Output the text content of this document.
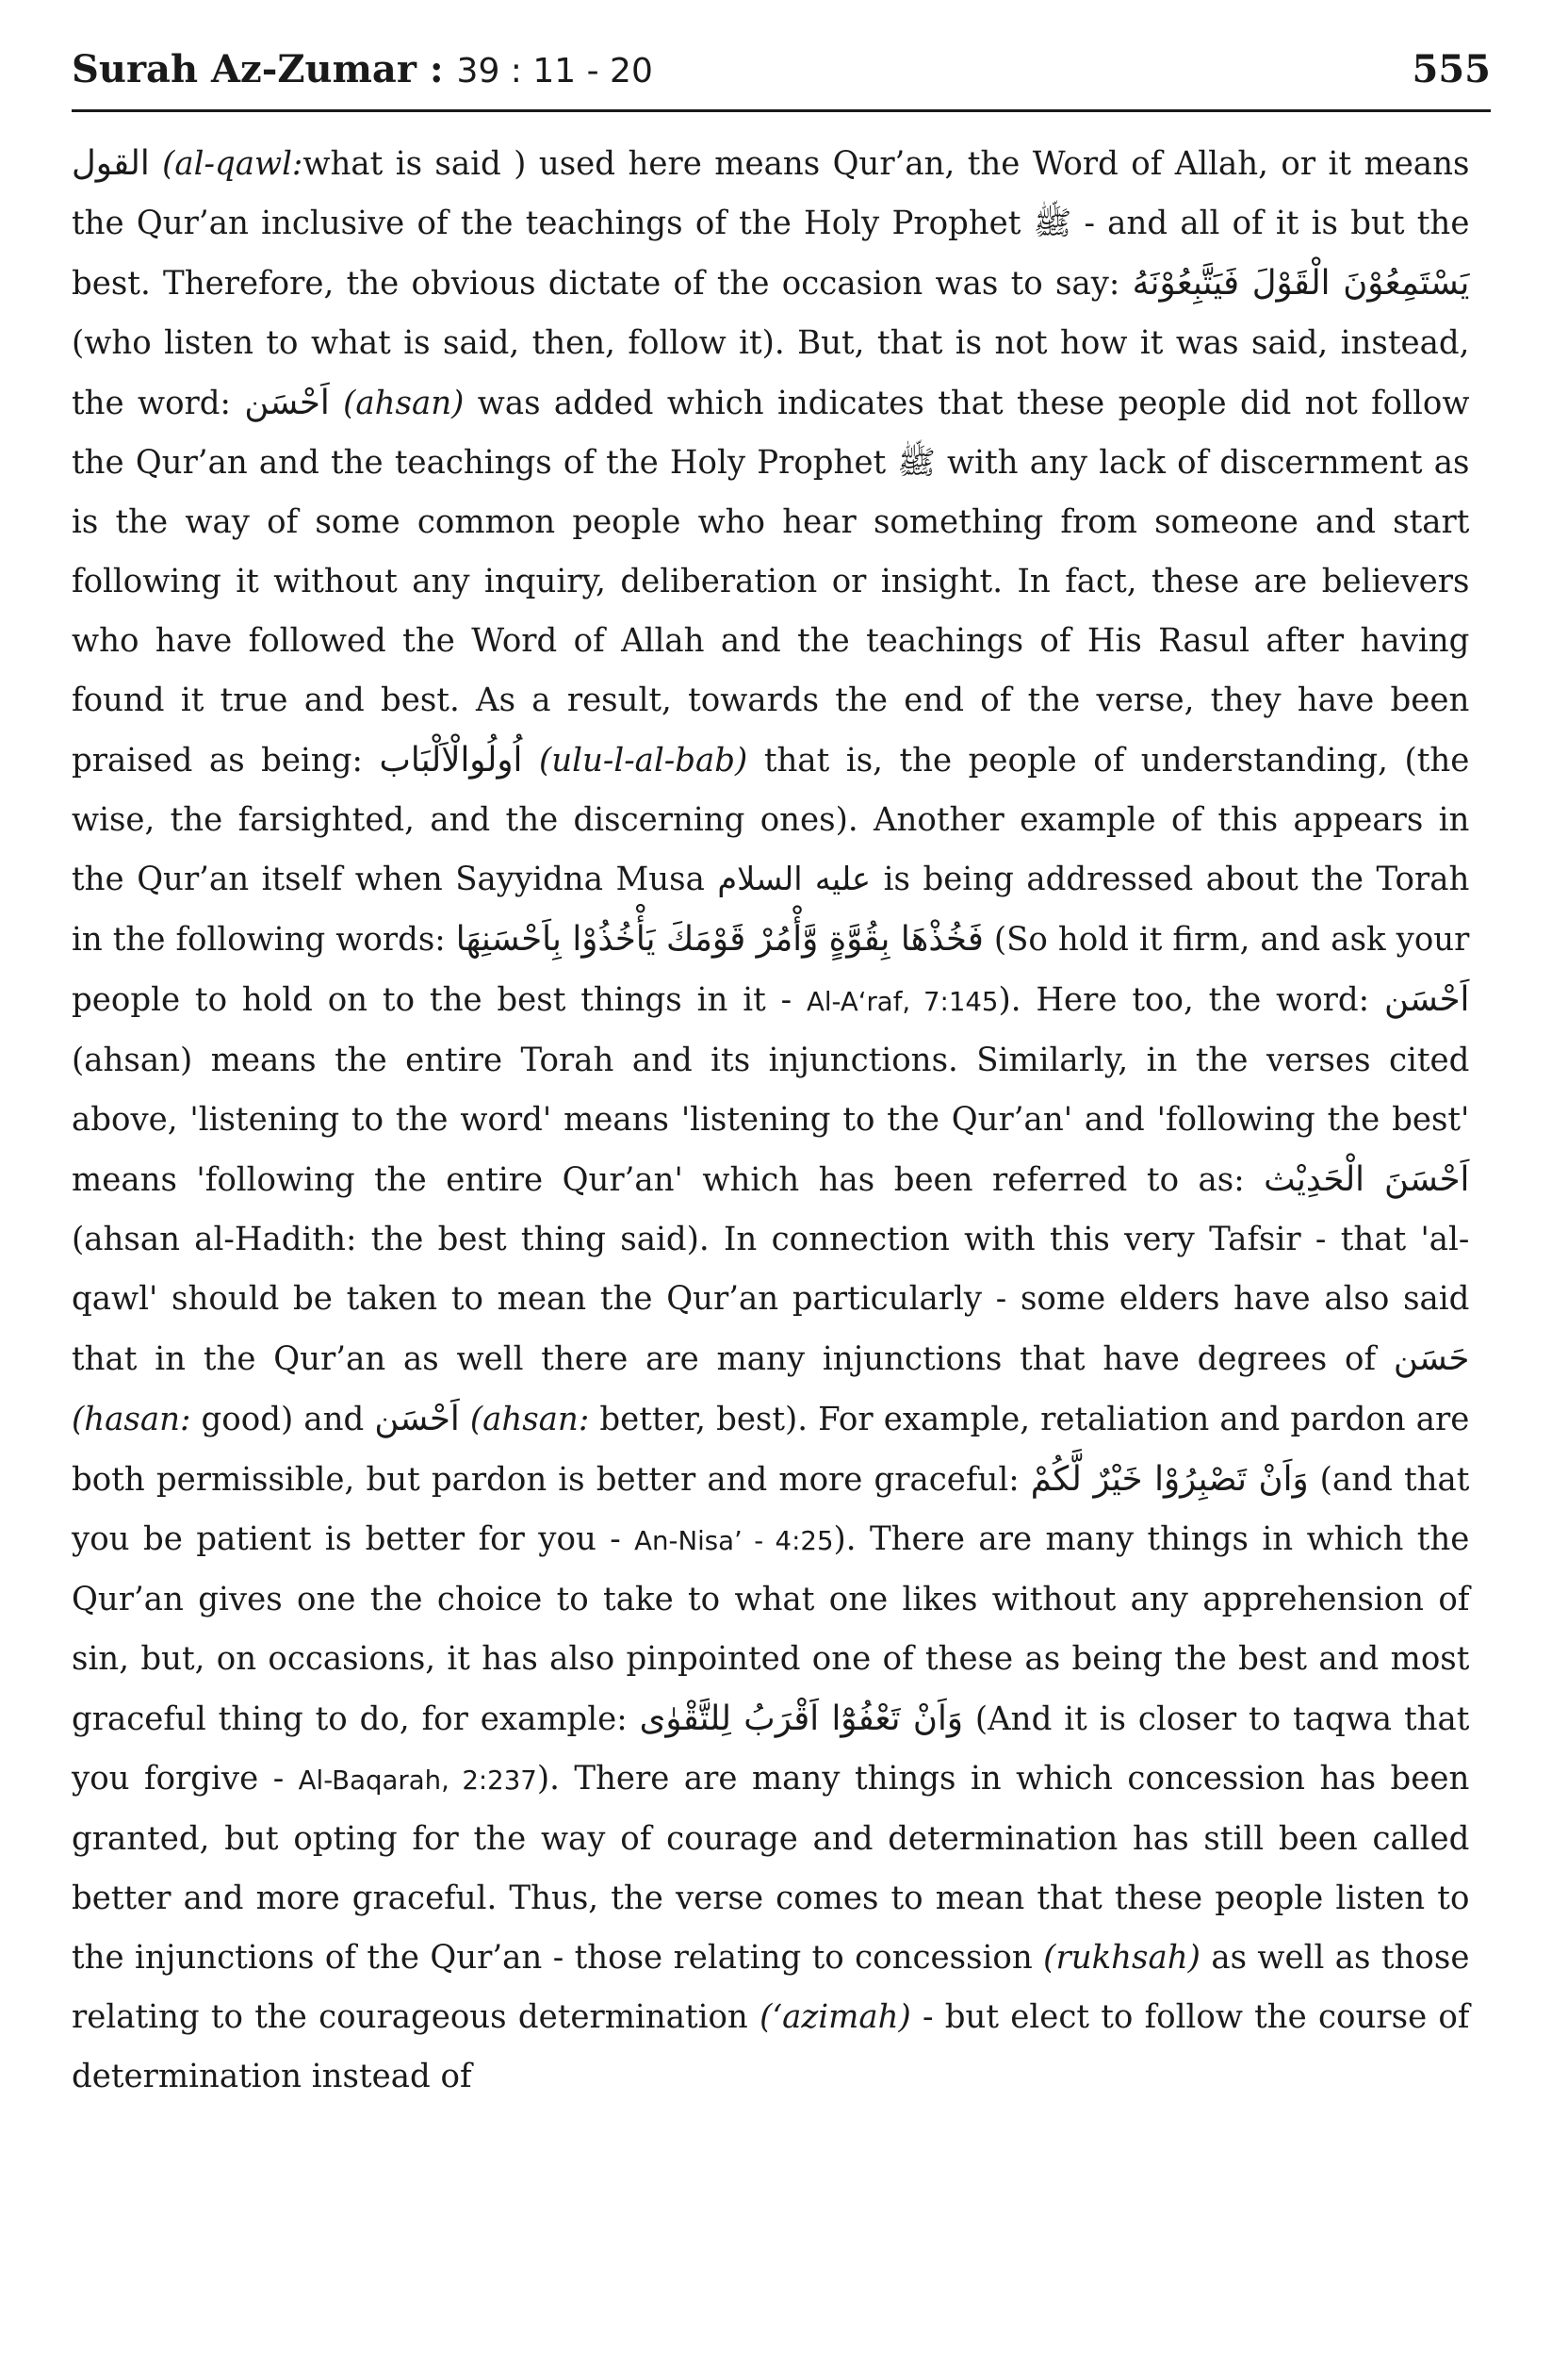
Surah Az-Zumar : 39 : 11 - 20	555
القول (al-qawl:what is said ) used here means Qur’an, the Word of Allah, or it means the Qur’an inclusive of the teachings of the Holy Prophet ﷺ - and all of it is but the best. Therefore, the obvious dictate of the occasion was to say: يَسْتَمِعُوْنَ الْقَوْلَ فَيَتَّبِعُوْنَهُ (who listen to what is said, then, follow it). But, that is not how it was said, instead, the word: اَحْسَن (ahsan) was added which indicates that these people did not follow the Qur’an and the teachings of the Holy Prophet ﷺ with any lack of discernment as is the way of some common people who hear something from someone and start following it without any inquiry, deliberation or insight. In fact, these are believers who have followed the Word of Allah and the teachings of His Rasul after having found it true and best. As a result, towards the end of the verse, they have been praised as being: اُولُوالْاَلْبَاب (ulu-l-al-bab) that is, the people of understanding, (the wise, the farsighted, and the discerning ones). Another example of this appears in the Qur’an itself when Sayyidna Musa عليه السلام is being addressed about the Torah in the following words: فَخُذْهَا بِقُوَّةٍ وَّأْمُرْ قَوْمَكَ يَأْخُذُوْا بِاَحْسَنِهَا (So hold it firm, and ask your people to hold on to the best things in it - Al-A‘raf, 7:145). Here too, the word: اَحْسَن (ahsan) means the entire Torah and its injunctions. Similarly, in the verses cited above, 'listening to the word' means 'listening to the Qur’an' and 'following the best' means 'following the entire Qur’an' which has been referred to as: اَحْسَنَ الْحَدِيْث (ahsan al-Hadith: the best thing said). In connection with this very Tafsir - that 'al-qawl' should be taken to mean the Qur’an particularly - some elders have also said that in the Qur’an as well there are many injunctions that have degrees of حَسَن (hasan: good) and اَحْسَن (ahsan: better, best). For example, retaliation and pardon are both permissible, but pardon is better and more graceful: وَاَنْ تَصْبِرُوْا خَيْرٌ لَّكُمْ (and that you be patient is better for you - An-Nisa’ - 4:25). There are many things in which the Qur’an gives one the choice to take to what one likes without any apprehension of sin, but, on occasions, it has also pinpointed one of these as being the best and most graceful thing to do, for example: وَاَنْ تَعْفُوْٓا اَقْرَبُ لِلتَّقْوٰى (And it is closer to taqwa that you forgive - Al-Baqarah, 2:237). There are many things in which concession has been granted, but opting for the way of courage and determination has still been called better and more graceful. Thus, the verse comes to mean that these people listen to the injunctions of the Qur’an - those relating to concession (rukhsah) as well as those relating to the courageous determination (‘azimah) - but elect to follow the course of determination instead of
